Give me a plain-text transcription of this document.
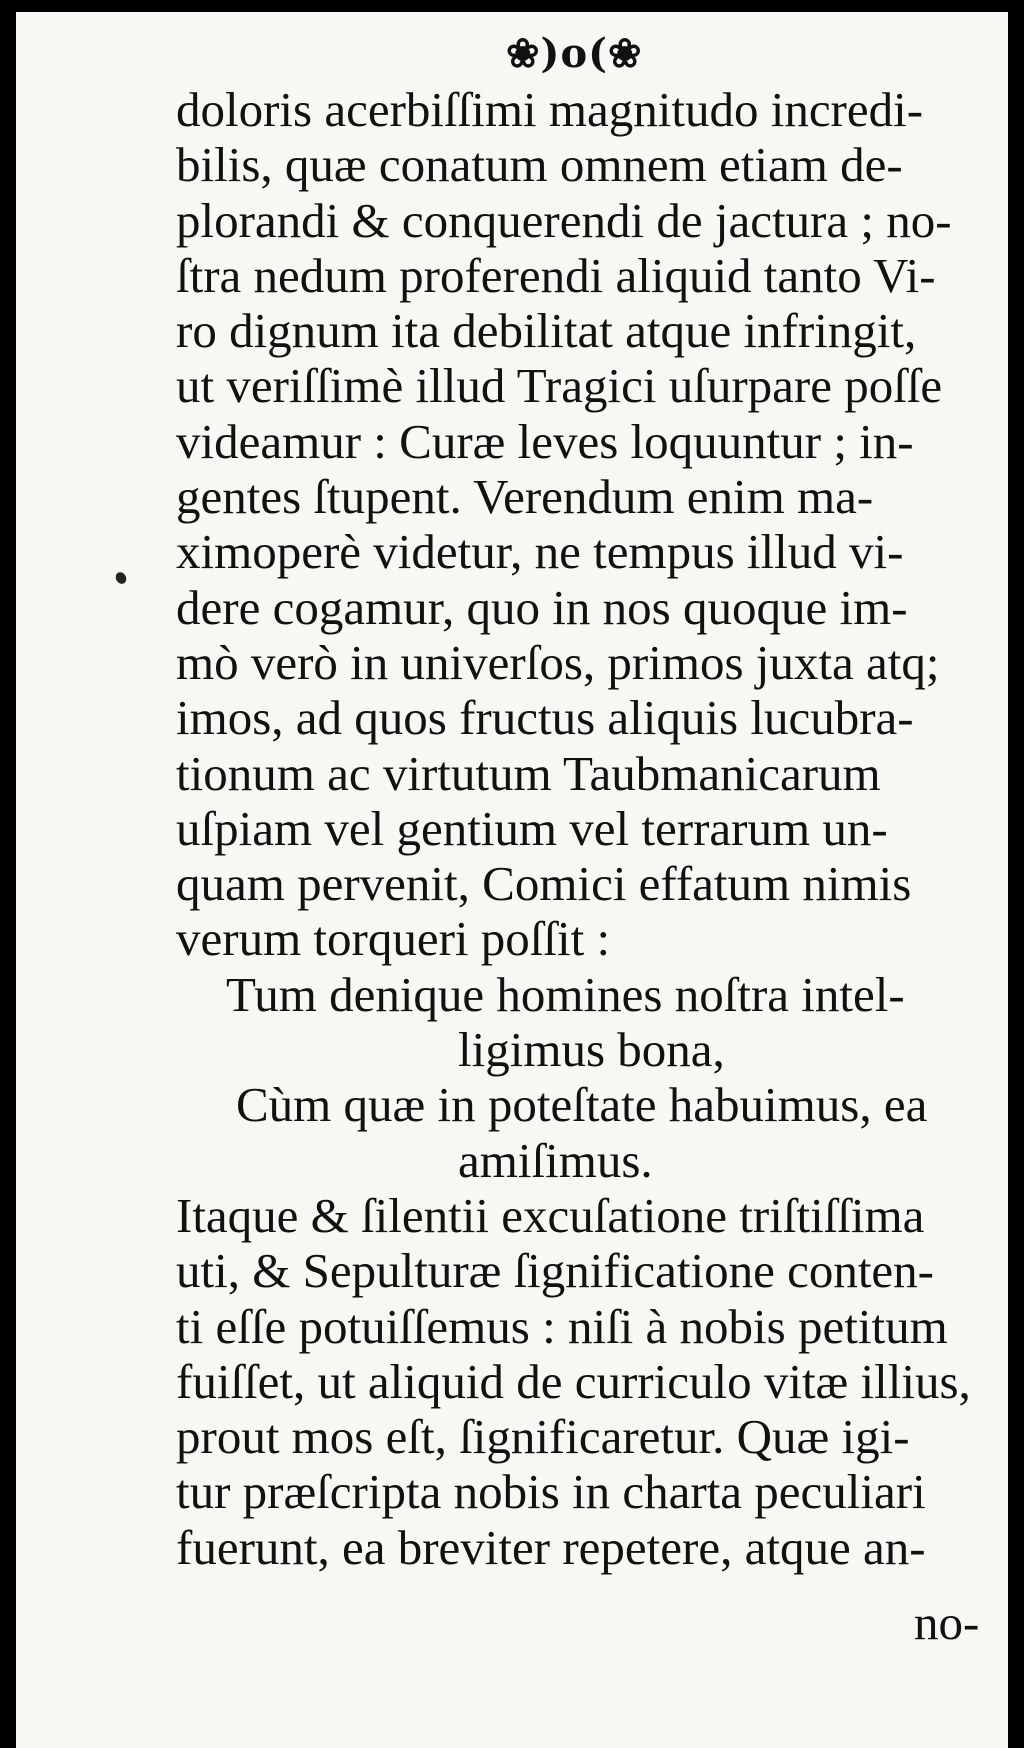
❀)o(❀
doloris acerbiſſimi magnitudo incredi-
bilis, quæ conatum omnem etiam de-
plorandi & conquerendi de jactura ; no-
ſtra nedum proferendi aliquid tanto Vi-
ro dignum ita debilitat atque infringit,
ut veriſſimè illud Tragici uſurpare poſſe
videamur : Curæ leves loquuntur ; in-
gentes ſtupent. Verendum enim ma-
ximoperè videtur, ne tempus illud vi-
dere cogamur, quo in nos quoque im-
mò verò in univerſos, primos juxta atq;
imos, ad quos fructus aliquis lucubra-
tionum ac virtutum Taubmanicarum
uſpiam vel gentium vel terrarum un-
quam pervenit, Comici effatum nimis
verum torqueri poſſit :
Tum denique homines noſtra intel-
ligimus bona,
Cùm quæ in poteſtate habuimus, ea
amiſimus.
Itaque & ſilentii excuſatione triſtiſſima
uti, & Sepulturæ ſignificatione conten-
ti eſſe potuiſſemus : niſi à nobis petitum
fuiſſet, ut aliquid de curriculo vitæ illius,
prout mos eſt, ſignificaretur. Quæ igi-
tur præſcripta nobis in charta peculiari
fuerunt, ea breviter repetere, atque an-
no-
